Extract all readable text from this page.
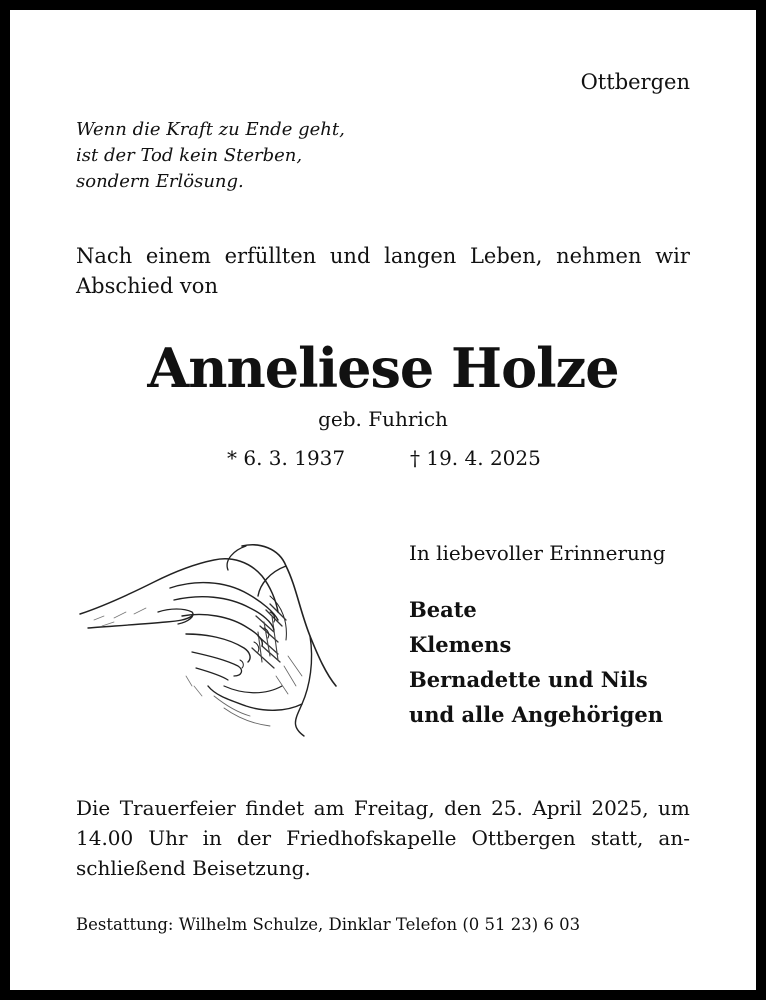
Ottbergen
Wenn die Kraft zu Ende geht,
ist der Tod kein Sterben,
sondern Erlösung.
Nach einem erfüllten und langen Leben, nehmen wir
Abschied von
Anneliese Holze
geb. Fuhrich
* 6. 3. 1937	† 19. 4. 2025
In liebevoller Erinnerung
Beate
Klemens
Bernadette und Nils
und alle Angehörigen
Die Trauerfeier findet am Freitag, den 25. April 2025, um
14.00 Uhr in der Friedhofskapelle Ottbergen statt, an-
schließend Beisetzung.
Bestattung: Wilhelm Schulze, Dinklar Telefon (0 51 23) 6 03
